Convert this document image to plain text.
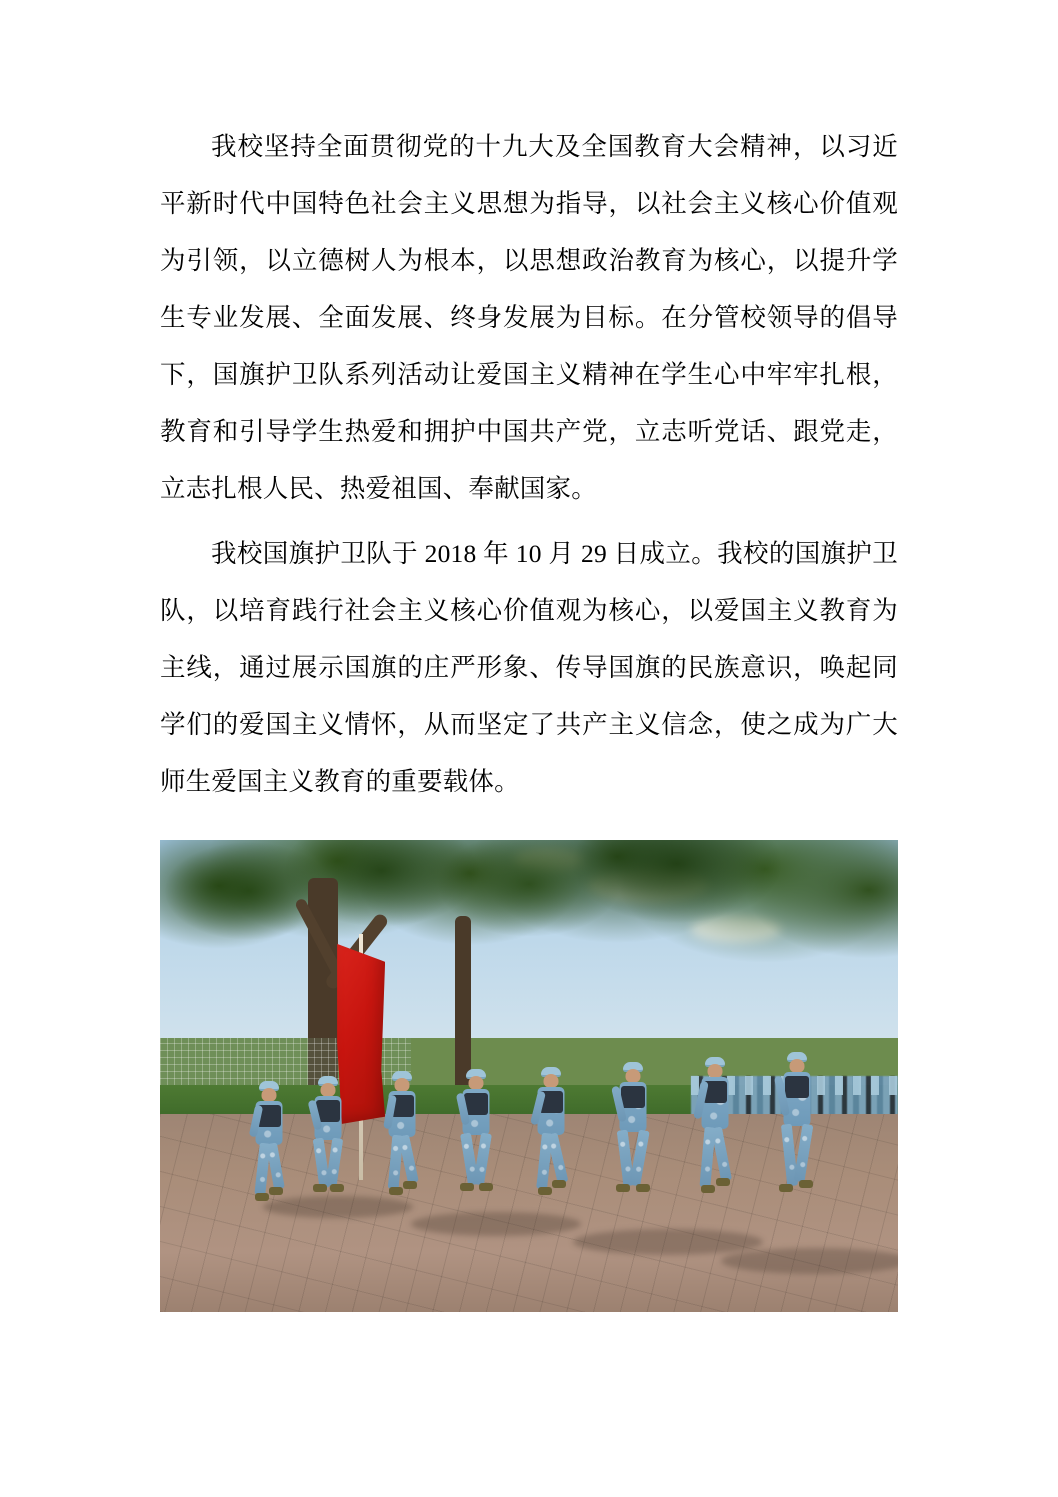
我校坚持全面贯彻党的十九大及全国教育大会精神，以习近平新时代中国特色社会主义思想为指导，以社会主义核心价值观为引领，以立德树人为根本，以思想政治教育为核心，以提升学生专业发展、全面发展、终身发展为目标。在分管校领导的倡导下，国旗护卫队系列活动让爱国主义精神在学生心中牢牢扎根，教育和引导学生热爱和拥护中国共产党，立志听党话、跟党走，立志扎根人民、热爱祖国、奉献国家。

我校国旗护卫队于 2018 年 10 月 29 日成立。我校的国旗护卫队，以培育践行社会主义核心价值观为核心，以爱国主义教育为主线，通过展示国旗的庄严形象、传导国旗的民族意识，唤起同学们的爱国主义情怀，从而坚定了共产主义信念，使之成为广大师生爱国主义教育的重要载体。
